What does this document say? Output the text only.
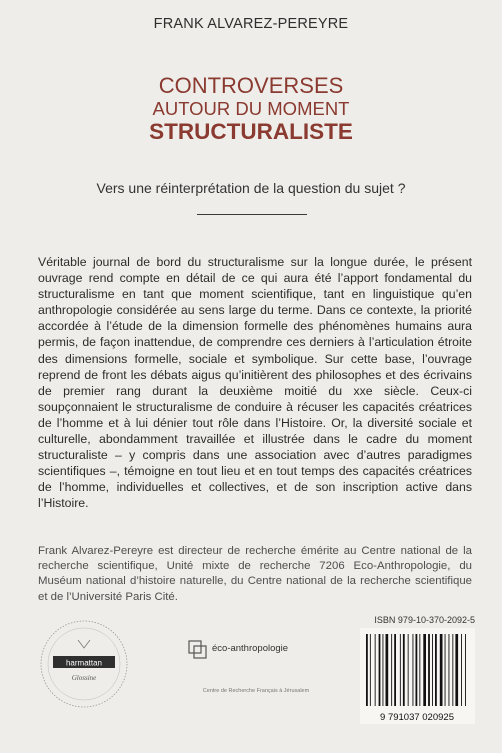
FRANK ALVAREZ-PEREYRE
CONTROVERSES
AUTOUR DU MOMENT
STRUCTURALISTE
Vers une réinterprétation de la question du sujet ?

Véritable journal de bord du structuralisme sur la longue durée, le présent ouvrage rend compte en détail de ce qui aura été l’apport fondamental du structuralisme en tant que moment scientifique, tant en linguistique qu’en anthropologie considérée au sens large du terme. Dans ce contexte, la priorité accordée à l’étude de la dimension formelle des phénomènes humains aura permis, de façon inattendue, de comprendre ces derniers à l’articulation étroite des dimensions formelle, sociale et symbolique. Sur cette base, l’ouvrage reprend de front les débats aigus qu’initièrent des philosophes et des écrivains de premier rang durant la deuxième moitié du xxe siècle. Ceux-ci soupçonnaient le structuralisme de conduire à récuser les capacités créatrices de l’homme et à lui dénier tout rôle dans l’Histoire. Or, la diversité sociale et culturelle, abondamment travaillée et illustrée dans le cadre du moment structuraliste – y compris dans une association avec d’autres paradigmes scientifiques –, témoigne en tout lieu et en tout temps des capacités créatrices de l’homme, individuelles et collectives, et de son inscription active dans l’Histoire.

Frank Alvarez-Pereyre est directeur de recherche émérite au Centre national de la recherche scientifique, Unité mixte de recherche 7206 Eco-Anthropologie, du Muséum national d’histoire naturelle, du Centre national de la recherche scientifique et de l’Université Paris Cité.

harmattan
Glossine
éco-anthropologie
Centre de Recherche Français à Jérusalem
ISBN 979-10-370-2092-5
9 791037 020925
